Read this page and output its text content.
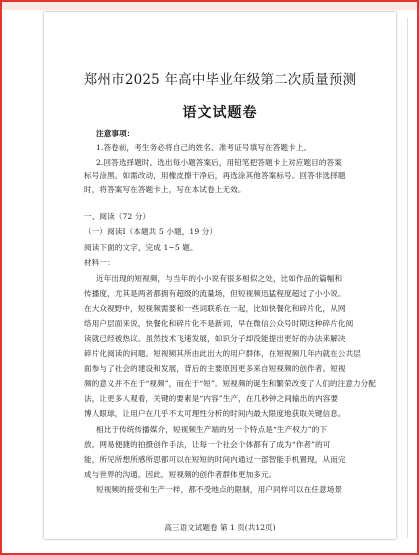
郑州市2025 年高中毕业年级第二次质量预测
语文试题卷
注意事项：
1.答卷前，考生务必将自己的姓名、准考证号填写在答题卡上。
2.回答选择题时，选出每小题答案后，用铅笔把答题卡上对应题目的答案
标号涂黑。如需改动，用橡皮擦干净后，再选涂其他答案标号。回答非选择题
时，将答案写在答题卡上，写在本试卷上无效。
一、阅读（72 分）
（一）阅读Ⅰ（本题共 5 小题，19 分）
阅读下面的文字，完成 1~5 题。
材料一：
近年出现的短视频，与当年的小小说有很多相似之处，比如作品的篇幅和
传播度，尤其是两者都拥有超级的流量场，但短视频迅猛程度超过了小小说。
在大众视野中，短视频需要和一些词联系在一起，比如快餐化和碎片化，从网
络用户层面来说，快餐化和碎片化不是新词，早在微信公众号时期这种碎片化阅
读就已经被热议。虽然技术飞速发展，如识分子却没能提出更好的办法来解决
碎片化阅读的问题。短视频其所由此出大的用户群体，在短视频几年内就在公共层
面参与了社会的建设和发展，背后的主要原因更多来自短视频的创作者。短视
频的意义并不在于“视频”，而在于“短”。短视频的诞生和繁荣改变了人们的注意力分配
法，让更多人观看，关键的要素是“内容”生产，在几秒钟之间输出的内容要
博人眼球，让用户在几乎不太可理性分析的时间内最大限度地获取关键信息。
相比于传统传播媒介，短视频生产端的另一个特点是“生产权力”的下
放。网易便捷的拍摄创作手法，让每一个社会个体都有了成为“作者”的可
能，所见所想所感所思都可以在短短的时间内通过一部智能手机置现，从而完
成与世界的沟通。因此，短视频的创作者群体更加多元。
短视频的接受和生产一样，都不受地点的限制，用户同样可以在任意场景
高三语文试题卷 第 1 页(共12页)
